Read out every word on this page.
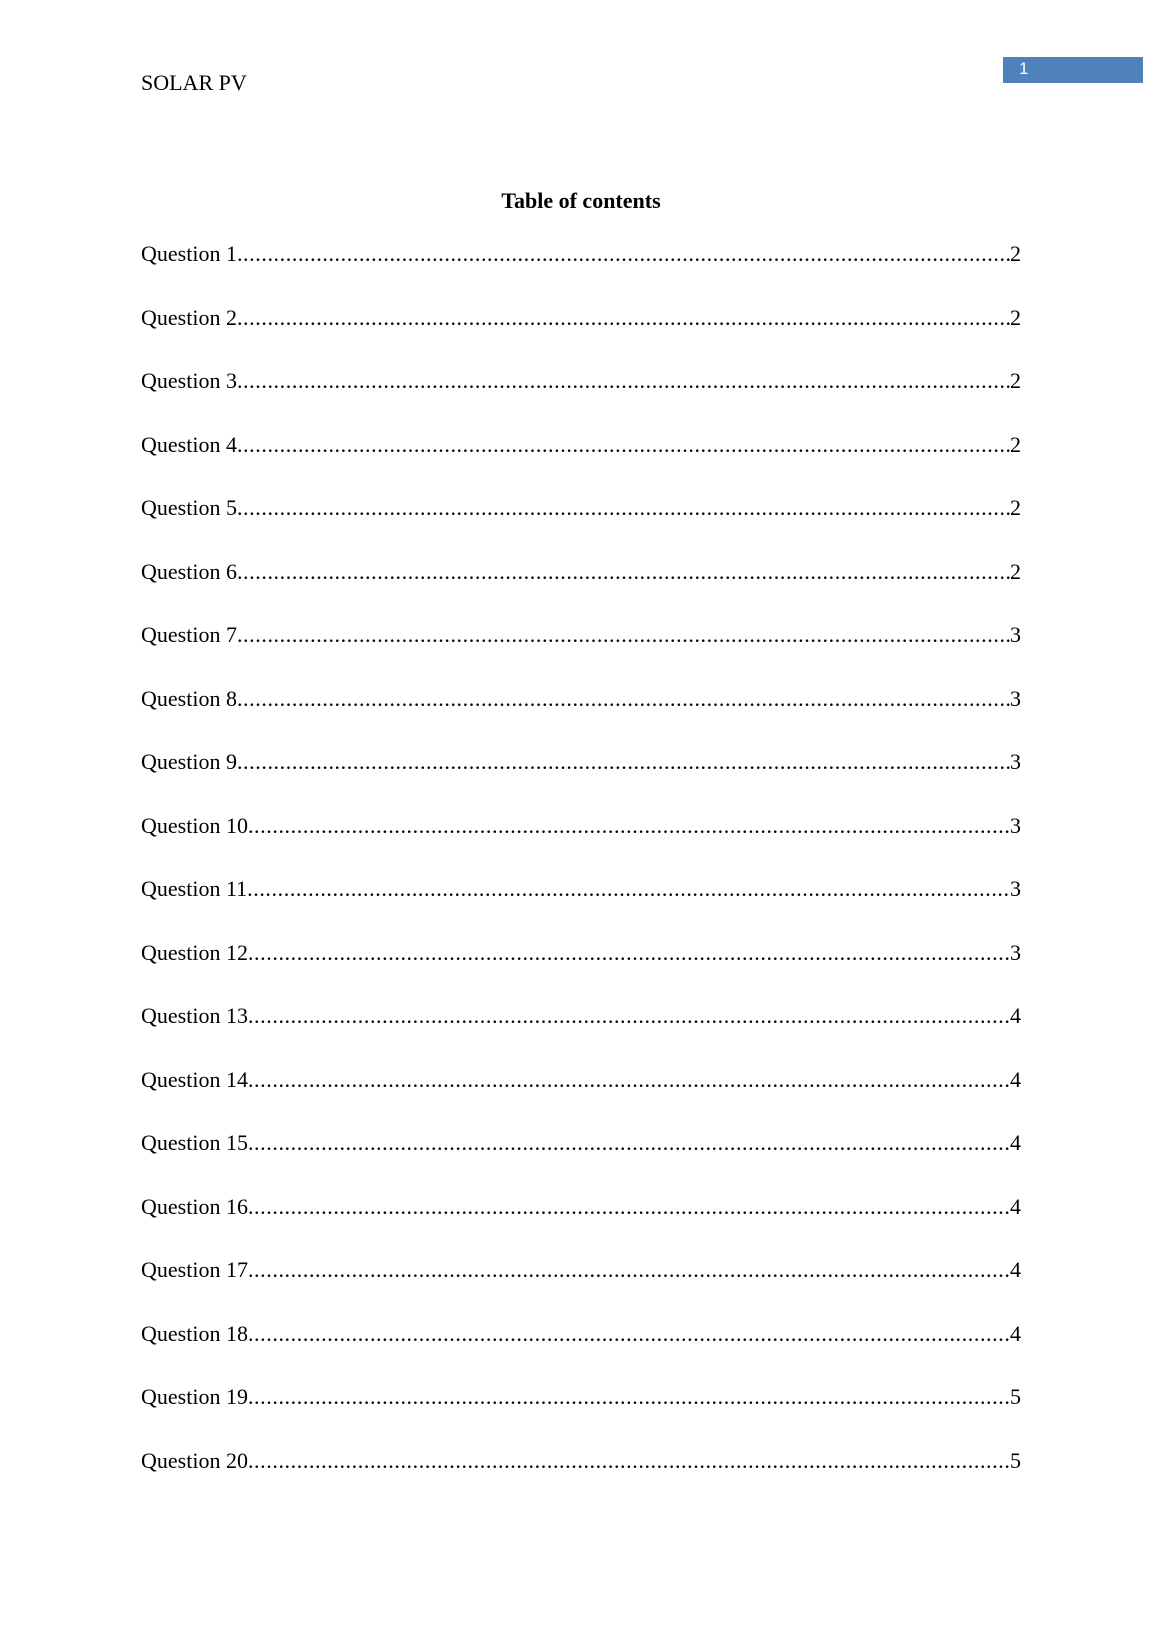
SOLAR PV
1
Table of contents
Question 1 .....	2
Question 2 .....	2
Question 3 .....	2
Question 4 .....	2
Question 5 .....	2
Question 6 .....	2
Question 7 .....	3
Question 8 .....	3
Question 9 .....	3
Question 10 .....	3
Question 11 .....	3
Question 12 .....	3
Question 13 .....	4
Question 14 .....	4
Question 15 .....	4
Question 16 .....	4
Question 17 .....	4
Question 18 .....	4
Question 19 .....	5
Question 20 .....	5
